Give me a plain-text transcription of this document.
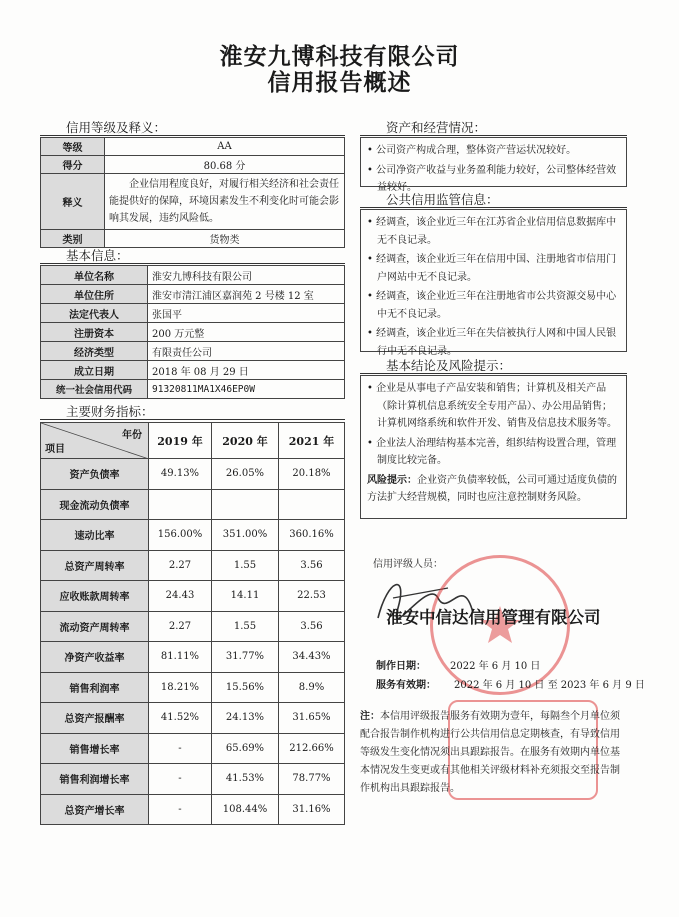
淮安九博科技有限公司
信用报告概述
信用等级及释义：
等级	AA
得分	80.68 分
释义	企业信用程度良好，对履行相关经济和社会责任能提供好的保障，环境因素发生不利变化时可能会影响其发展，违约风险低。
类别	货物类
基本信息：
单位名称	淮安九博科技有限公司
单位住所	淮安市清江浦区嘉润苑 2 号楼 12 室
法定代表人	张国平
注册资本	200 万元整
经济类型	有限责任公司
成立日期	2018 年 08 月 29 日
统一社会信用代码	91320811MA1X46EP0W
主要财务指标：
年份
项目	2019 年	2020 年	2021 年
资产负债率	49.13%	26.05%	20.18%
现金流动负债率			
速动比率	156.00%	351.00%	360.16%
总资产周转率	2.27	1.55	3.56
应收账款周转率	24.43	14.11	22.53
流动资产周转率	2.27	1.55	3.56
净资产收益率	81.11%	31.77%	34.43%
销售利润率	18.21%	15.56%	8.9%
总资产报酬率	41.52%	24.13%	31.65%
销售增长率	-	65.69%	212.66%
销售利润增长率	-	41.53%	78.77%
总资产增长率	-	108.44%	31.16%
资产和经营情况：

• 公司资产构成合理，整体资产营运状况较好。

• 公司净资产收益与业务盈利能力较好，公司整体经营效益较好。

公共信用监管信息：

• 经调查，该企业近三年在江苏省企业信用信息数据库中无不良记录。

• 经调查，该企业近三年在信用中国、注册地省市信用门户网站中无不良记录。

• 经调查，该企业近三年在注册地省市公共资源交易中心中无不良记录。

• 经调查，该企业近三年在失信被执行人网和中国人民银行中无不良记录。

基本结论及风险提示：

• 企业是从事电子产品安装和销售；计算机及相关产品（除计算机信息系统安全专用产品）、办公用品销售；计算机网络系统和软件开发、销售及信息技术服务等。

• 企业法人治理结构基本完善，组织结构设置合理，管理制度比较完备。

风险提示：企业资产负债率较低，公司可通过适度负债的方法扩大经营规模，同时也应注意控制财务风险。

信用评级人员：
淮安中信达信用管理有限公司
制作日期： 2022 年 6 月 10 日
服务有效期： 2022 年 6 月 10 日 至 2023 年 6 月 9 日
注：本信用评级报告服务有效期为壹年，每隔叁个月单位须配合报告制作机构进行公共信用信息定期核查，有导致信用等级发生变化情况须出具跟踪报告。在服务有效期内单位基本情况发生变更或有其他相关评级材料补充须报交至报告制作机构出具跟踪报告。
